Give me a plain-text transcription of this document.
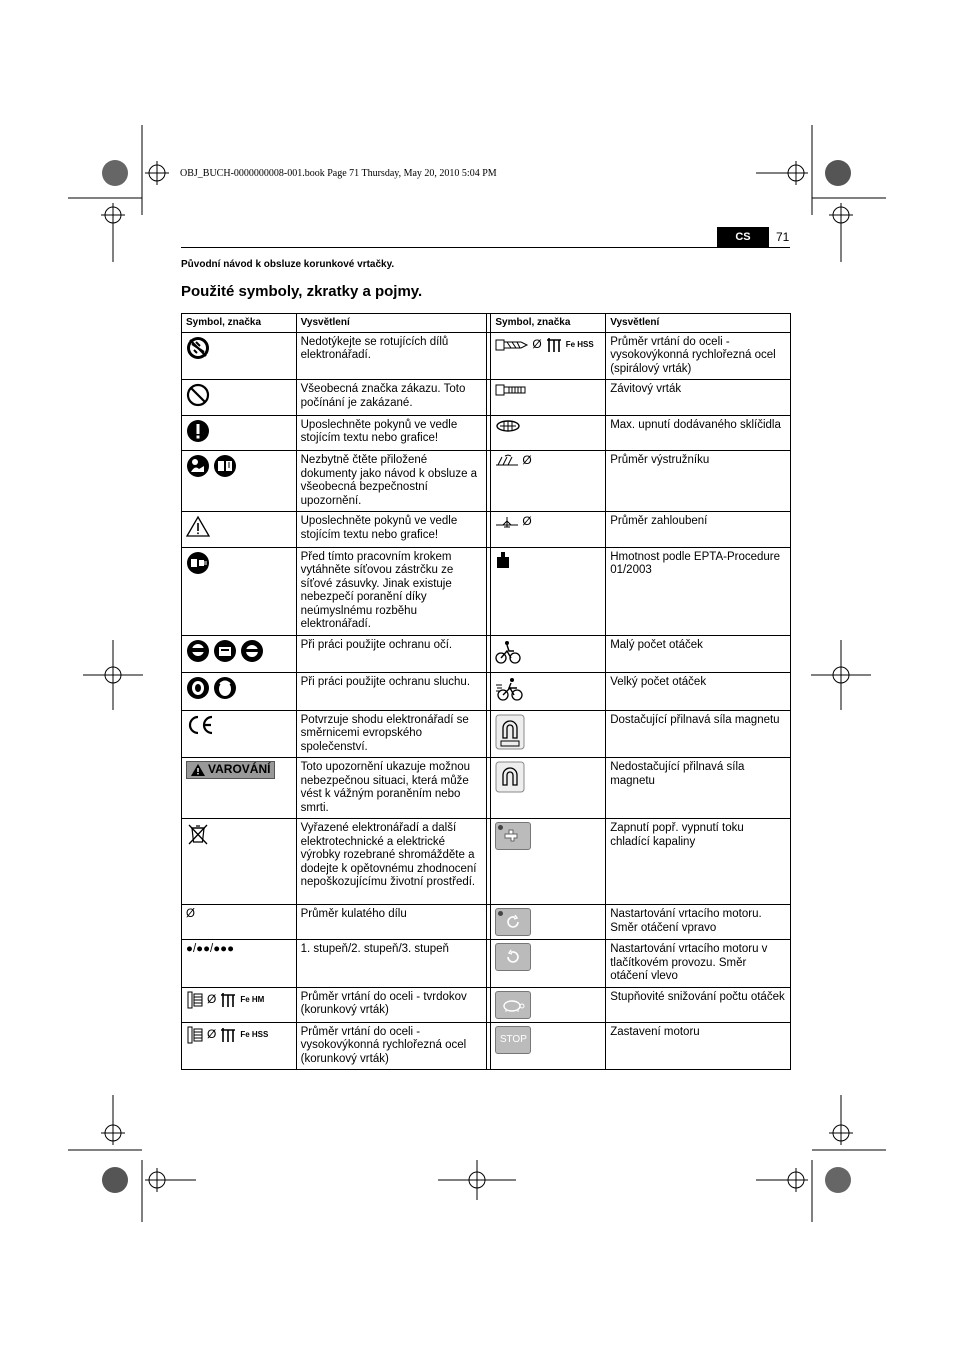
OBJ_BUCH-0000000008-001.book Page 71 Thursday, May 20, 2010 5:04 PM
CS	71
Původní návod k obsluze korunkové vrtačky.
Použité symboly, zkratky a pojmy.
Symbol, značka	Vysvětlení		Symbol, značka	Vysvětlení

	Nedotýkejte se rotujících dílů elektronářadí.		Ø Fe HSS	Průměr vrtání do oceli - vysokovýkonná rychlořezná ocel (spirálový vrták)
	Všeobecná značka zákazu. Toto počínání je zakázané.			Závitový vrták
	Uposlechněte pokynů ve vedle stojícím textu nebo grafice!			Max. upnutí dodávaného sklíčidla

	Nezbytně čtěte přiložené dokumenty jako návod k obsluze a všeobecná bezpečnostní upozornění.		Ø	Průměr výstružníku
	Uposlechněte pokynů ve vedle stojícím textu nebo grafice!		Ø	Průměr zahloubení
	Před tímto pracovním krokem vytáhněte síťovou zástrčku ze síťové zásuvky. Jinak existuje nebezpečí poranění díky neúmyslnému rozběhu elektronářadí.			Hmotnost podle EPTA-Procedure 01/2003

	Při práci použijte ochranu očí.			Malý počet otáček

	Při práci použijte ochranu sluchu.			Velký počet otáček
	Potvrzuje shodu elektronářadí se směrnicemi evropského společenství.			Dostačující přilnavá síla magnetu

VAROVÁNÍ	Toto upozornění ukazuje možnou nebezpečnou situaci, která může vést k vážným poraněním nebo smrti.			Nedostačující přilnavá síla magnetu
	Vyřazené elektronářadí a další elektrotechnické a elektrické výrobky rozebrané shromážděte a dodejte k opětovnému zhodnocení nepoškozujícímu životní prostředí.			Zapnutí popř. vypnutí toku chladící kapaliny
Ø	Průměr kulatého dílu			Nastartování vrtacího motoru. Směr otáčení vpravo
●/●●/●●●	1. stupeň/2. stupeň/3. stupeň			Nastartování vrtacího motoru v tlačítkovém provozu. Směr otáčení vlevo

Ø Fe HM	Průměr vrtání do oceli - tvrdokov (korunkový vrták)			Stupňovité snižování počtu otáček

Ø Fe HSS	Průměr vrtání do oceli - vysokovýkonná rychlořezná ocel (korunkový vrták)		STOP	Zastavení motoru
